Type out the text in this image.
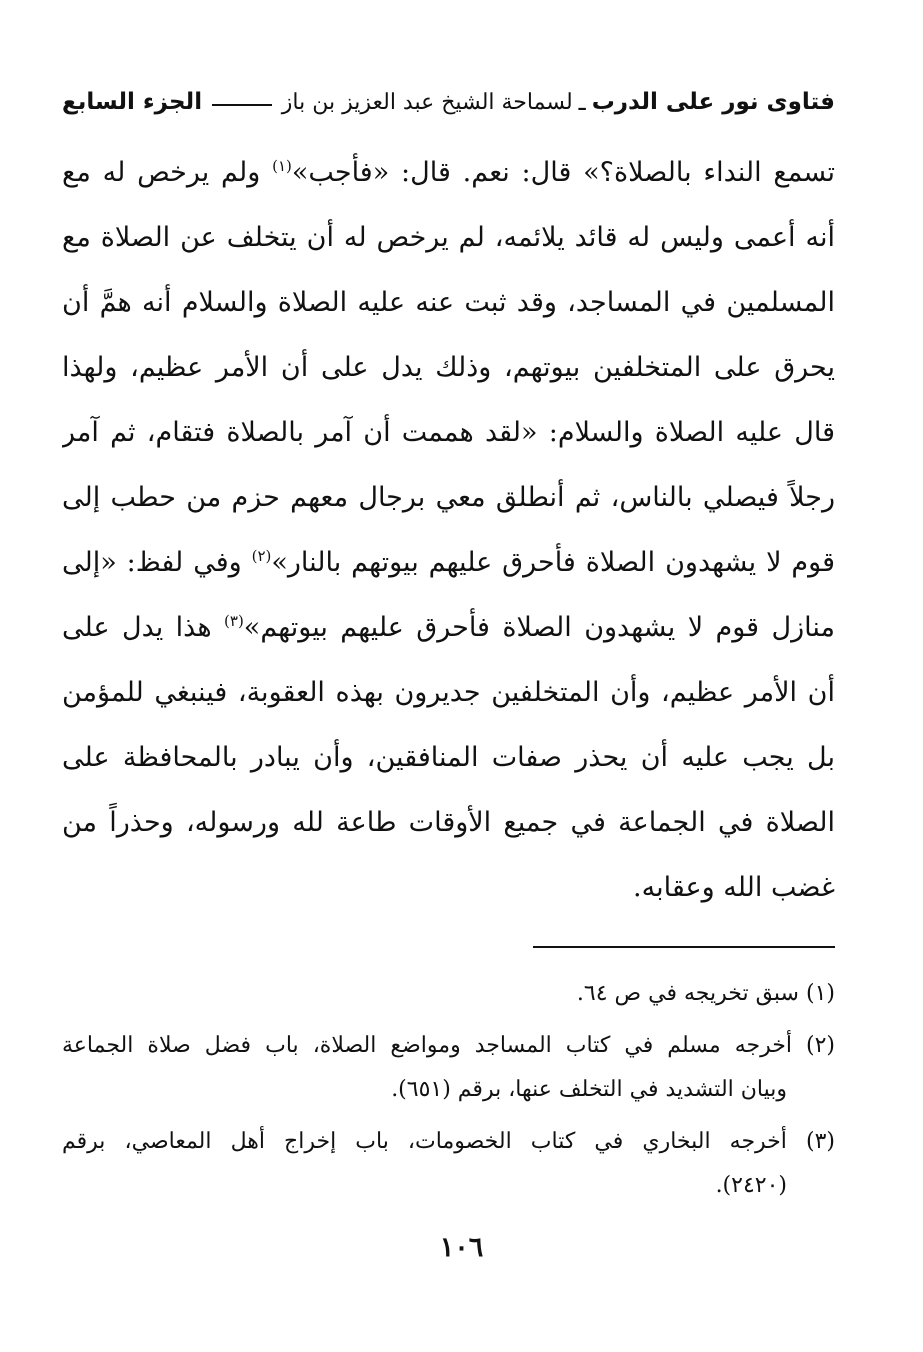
فتاوى نور على الدرب
ـ
لسماحة الشيخ عبد العزيز بن باز
الجزء السابع
تسمع النداء بالصلاة؟» قال: نعم. قال: «فأجب»$^{(١)}$ ولم يرخص له مع
أنه أعمى وليس له قائد يلائمه، لم يرخص له أن يتخلف عن الصلاة مع
المسلمين في المساجد، وقد ثبت عنه عليه الصلاة والسلام أنه همَّ أن
يحرق على المتخلفين بيوتهم، وذلك يدل على أن الأمر عظيم، ولهذا
قال عليه الصلاة والسلام: «لقد هممت أن آمر بالصلاة فتقام، ثم آمر
رجلاً فيصلي بالناس، ثم أنطلق معي برجال معهم حزم من حطب إلى
قوم لا يشهدون الصلاة فأحرق عليهم بيوتهم بالنار»$^{(٢)}$ وفي لفظ: «إلى
منازل قوم لا يشهدون الصلاة فأحرق عليهم بيوتهم»$^{(٣)}$ هذا يدل على
أن الأمر عظيم، وأن المتخلفين جديرون بهذه العقوبة، فينبغي للمؤمن
بل يجب عليه أن يحذر صفات المنافقين، وأن يبادر بالمحافظة على
الصلاة في الجماعة في جميع الأوقات طاعة لله ورسوله، وحذراً من
غضب الله وعقابه.
(١) سبق تخريجه في ص ٦٤.
(٢) أخرجه مسلم في كتاب المساجد ومواضع الصلاة، باب فضل صلاة الجماعة
وبيان التشديد في التخلف عنها، برقم (٦٥١).
(٣) أخرجه البخاري في كتاب الخصومات، باب إخراج أهل المعاصي، برقم
(٢٤٢٠).
١٠٦
